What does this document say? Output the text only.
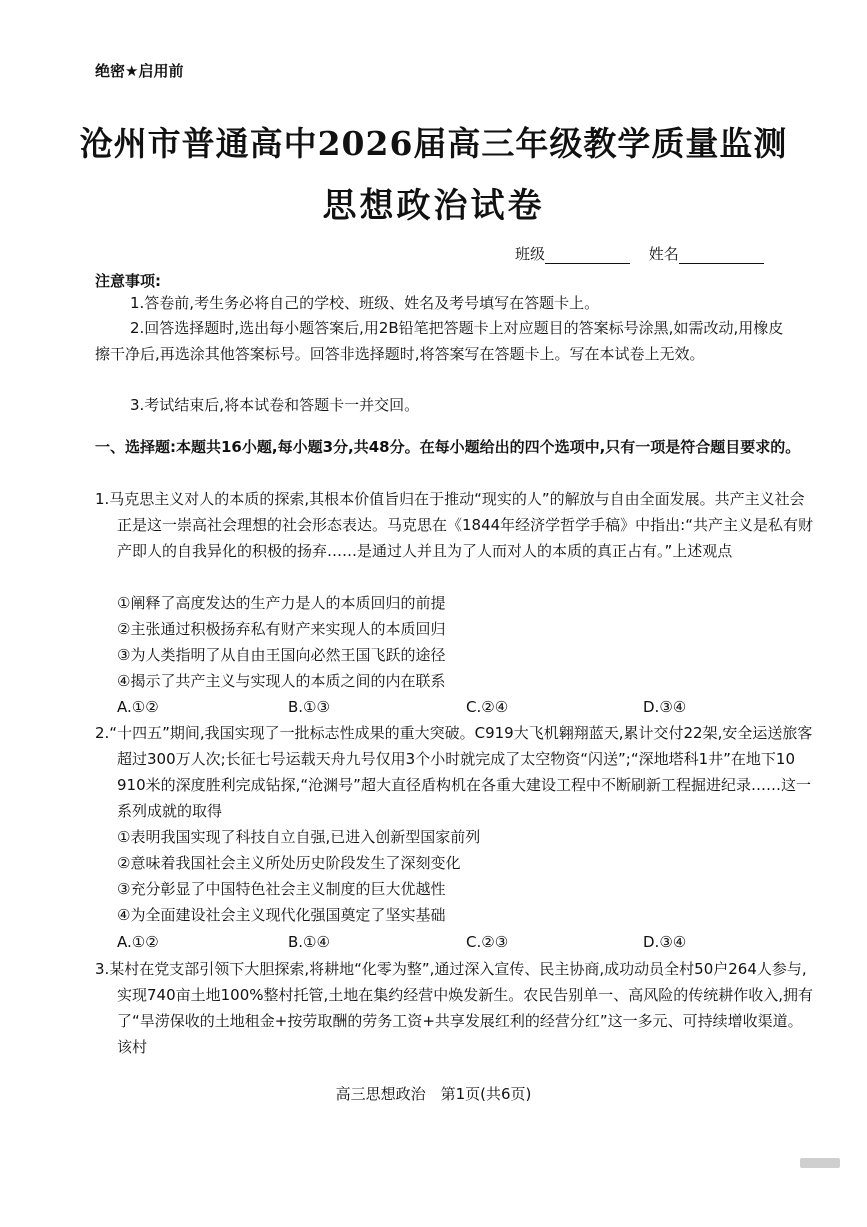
绝密★启用前
沧州市普通高中2026届高三年级教学质量监测
思想政治试卷
班级	姓名
注意事项:
1.答卷前,考生务必将自己的学校、班级、姓名及考号填写在答题卡上。
2.回答选择题时,选出每小题答案后,用2B铅笔把答题卡上对应题目的答案标号涂黑,如需改动,用橡皮擦干净后,再选涂其他答案标号。回答非选择题时,将答案写在答题卡上。写在本试卷上无效。
3.考试结束后,将本试卷和答题卡一并交回。
一、选择题:本题共16小题,每小题3分,共48分。在每小题给出的四个选项中,只有一项是符合题目要求的。
1.马克思主义对人的本质的探索,其根本价值旨归在于推动“现实的人”的解放与自由全面发展。共产主义社会正是这一崇高社会理想的社会形态表达。马克思在《1844年经济学哲学手稿》中指出:“共产主义是私有财产即人的自我异化的积极的扬弃……是通过人并且为了人而对人的本质的真正占有。”上述观点
①阐释了高度发达的生产力是人的本质回归的前提
②主张通过积极扬弃私有财产来实现人的本质回归
③为人类指明了从自由王国向必然王国飞跃的途径
④揭示了共产主义与实现人的本质之间的内在联系
A.①②	B.①③	C.②④	D.③④
2.“十四五”期间,我国实现了一批标志性成果的重大突破。C919大飞机翱翔蓝天,累计交付22架,安全运送旅客超过300万人次;长征七号运载天舟九号仅用3个小时就完成了太空物资“闪送”;“深地塔科1井”在地下10 910米的深度胜利完成钻探,“沧渊号”超大直径盾构机在各重大建设工程中不断刷新工程掘进纪录……这一系列成就的取得
①表明我国实现了科技自立自强,已进入创新型国家前列
②意味着我国社会主义所处历史阶段发生了深刻变化
③充分彰显了中国特色社会主义制度的巨大优越性
④为全面建设社会主义现代化强国奠定了坚实基础
A.①②	B.①④	C.②③	D.③④
3.某村在党支部引领下大胆探索,将耕地“化零为整”,通过深入宣传、民主协商,成功动员全村50户264人参与,实现740亩土地100%整村托管,土地在集约经营中焕发新生。农民告别单一、高风险的传统耕作收入,拥有了“旱涝保收的土地租金+按劳取酬的劳务工资+共享发展红利的经营分红”这一多元、可持续增收渠道。该村
高三思想政治　第1页(共6页)
